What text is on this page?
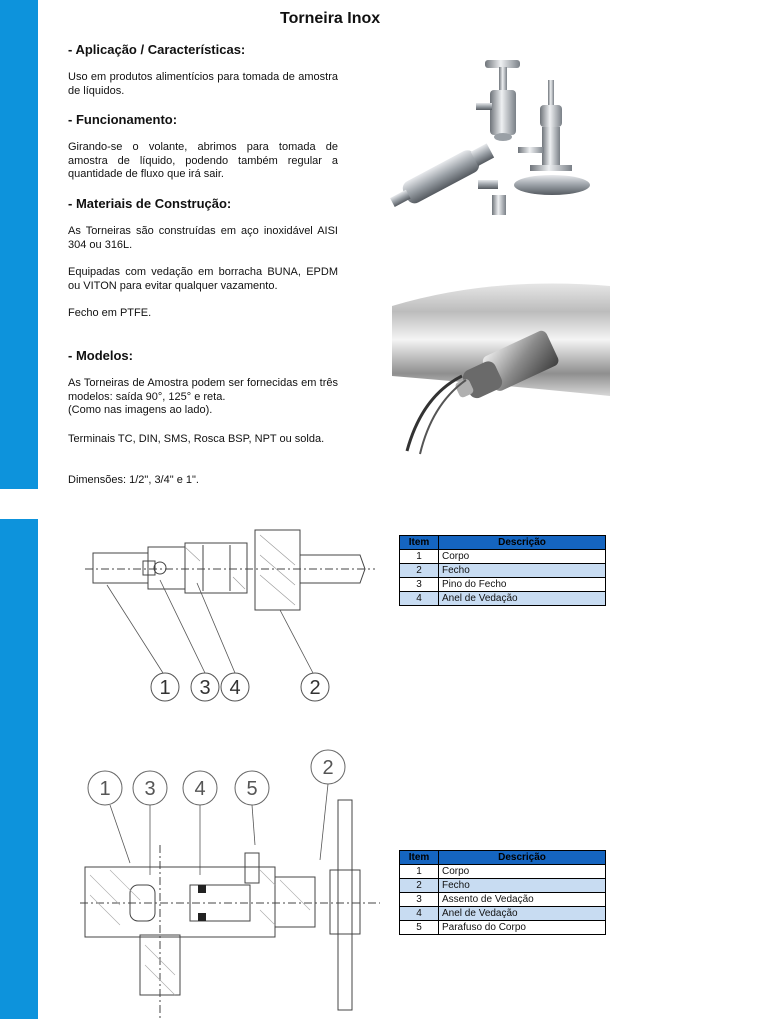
Torneira Inox
- Aplicação / Características:
Uso em produtos alimentícios para tomada de amostra de líquidos.
- Funcionamento:
Girando-se o volante, abrimos para tomada de amostra de líquido, podendo também regular a quantidade de fluxo que irá sair.
- Materiais de Construção:
As Torneiras são construídas em aço inoxidável AISI 304 ou 316L.
Equipadas com vedação em borracha BUNA, EPDM ou VITON para evitar qualquer vazamento.
Fecho em PTFE.
- Modelos:
As Torneiras de Amostra podem ser fornecidas em três modelos: saída 90°, 125° e reta.
(Como nas imagens ao lado).
Terminais TC, DIN, SMS, Rosca BSP, NPT ou solda.
Dimensões: 1/2", 3/4" e 1".
1 3 4	2
1 3 4 5
2
Item	Descrição
1	Corpo
2	Fecho
3	Pino do Fecho
4	Anel de Vedação
Item	Descrição
1	Corpo
2	Fecho
3	Assento de Vedação
4	Anel de Vedação
5	Parafuso do Corpo
